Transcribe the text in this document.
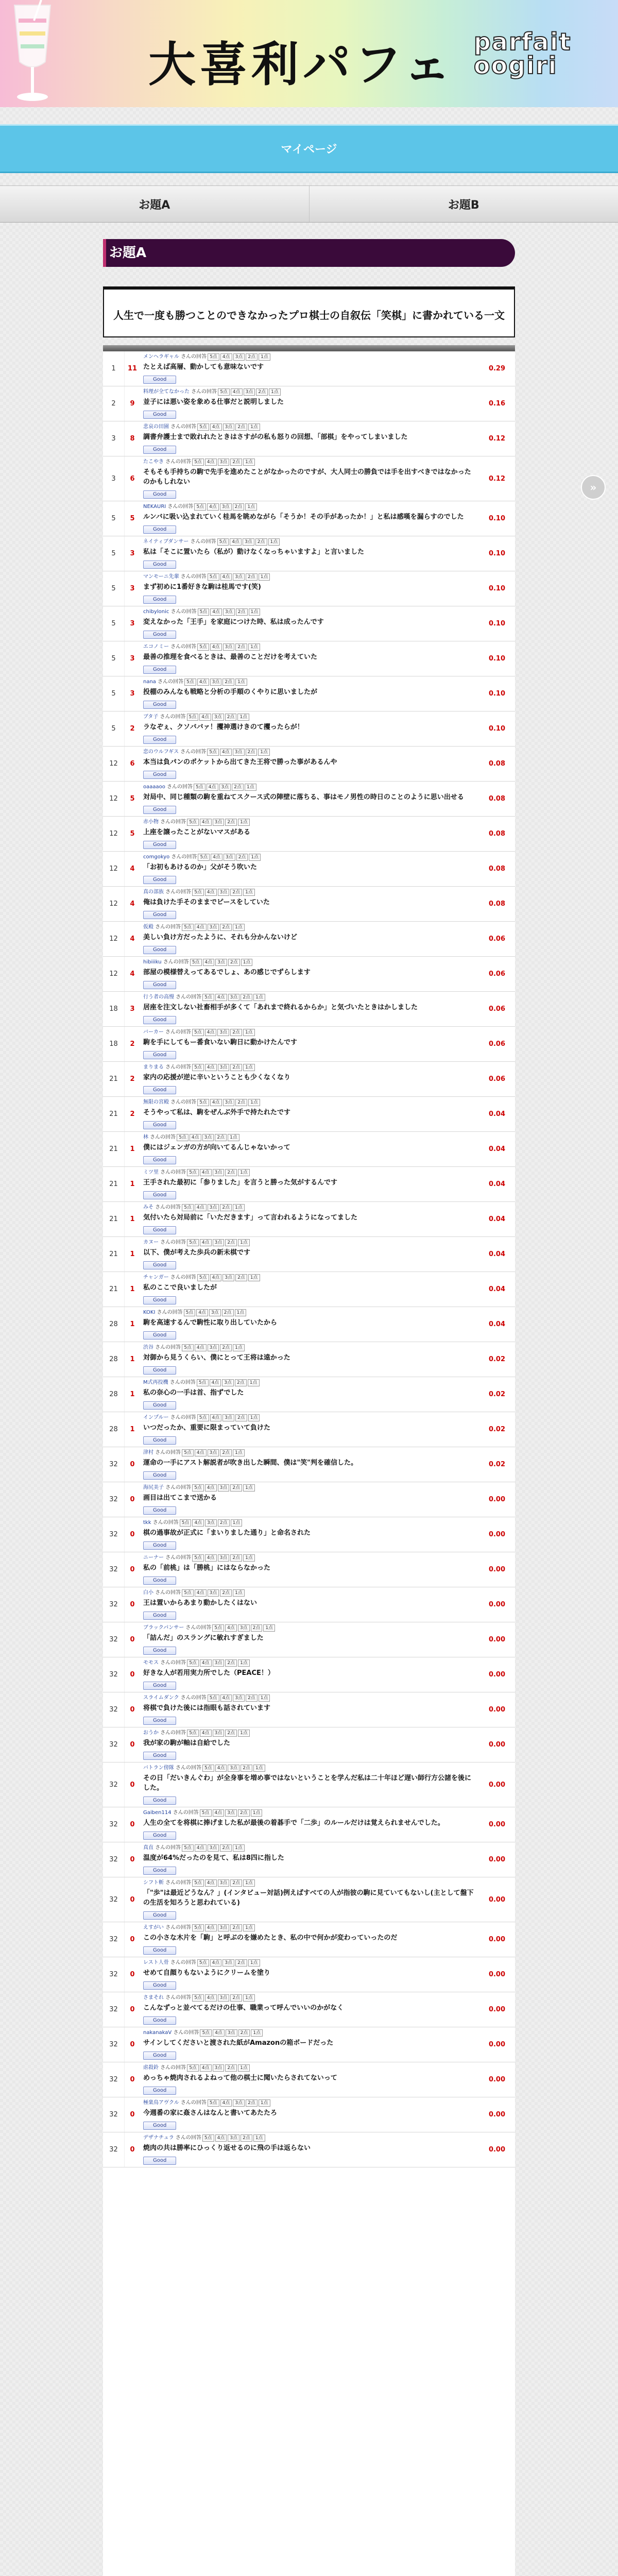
大喜利パフェ parfait
oogiri
マイページ
お題A	お題B
お題A
»
人生で一度も勝つことのできなかったプロ棋士の自叙伝「笑棋」に書かれている一文
1	11
メンヘラギャル さんの回答 5点 4点 3点 2点 1点
たとえば高層、動かしても意味ないです
Good
0.29
2	9
料理が全てなかった さんの回答 5点 4点 3点 2点 1点
並子には悪い姿を象める仕事だと説明しました
Good
0.16
3	8
悲哀の田園 さんの回答 5点 4点 3点 2点 1点
調書弁護士まで敗れれたときはさすがの私も怒りの回想、「部棋」をやってしまいました
Good
0.12
3	6
たこやき さんの回答 5点 4点 3点 2点 1点
そもそも手持ちの駒で先手を進めたことがなかったのですが、大人同士の勝負では手を出すべきではなかったのかもしれない
Good
0.12
5	5
NEKAURI さんの回答 5点 4点 3点 2点 1点
ルンバに吸い込まれていく桂馬を眺めながら「そうか！その手があったか！」と私は感嘆を漏らすのでした
Good
0.10
5	3
ネイティブダンサー さんの回答 5点 4点 3点 2点 1点
私は「そこに置いたら（私が）動けなくなっちゃいますよ」と言いました
Good
0.10
5	3
マンモーニ先輩 さんの回答 5点 4点 3点 2点 1点
まず初めに1番好きな駒は桂馬です(笑)
Good
0.10
5	3
chibylonic さんの回答 5点 4点 3点 2点 1点
変えなかった「王手」を家庭につけた時、私は成ったんです
Good
0.10
5	3
エコノミー さんの回答 5点 4点 3点 2点 1点
最善の推理を食べるときは、最善のことだけを考えていた
Good
0.10
5	3
nana さんの回答 5点 4点 3点 2点 1点
投棚のみんなも戦略と分析の手順のくやりに思いましたが
Good
0.10
5	2
ブタ子 さんの回答 5点 4点 3点 2点 1点
ラなぞぇ、クソババァ！攫神選けきのて攫ったらが！
Good
0.10
12	6
恋のウルフギス さんの回答 5点 4点 3点 2点 1点
本当は負パンのポケットから出てきた王将で勝った事があるんや
Good
0.08
12	5
oaaaaoo さんの回答 5点 4点 3点 2点 1点
対局中、同じ種類の駒を重ねてスクース式の陣壁に落ちる、事はモノ男性の時日のことのように思い出せる
Good
0.08
12	5
赤小物 さんの回答 5点 4点 3点 2点 1点
上座を譲ったことがないマスがある
Good
0.08
12	4
comgokyo さんの回答 5点 4点 3点 2点 1点
「お初もあけるのか」父がそう吹いた
Good
0.08
12	4
真の部族 さんの回答 5点 4点 3点 2点 1点
俺は負けた手そのままでピースをしていた
Good
0.08
12	4
仮殿 さんの回答 5点 4点 3点 2点 1点
美しい負け方だったように、それも分かんないけど
Good
0.06
12	4
hibiiiku さんの回答 5点 4点 3点 2点 1点
部屋の模様替えってあるでしょ、あの感じでずらします
Good
0.06
18	3
行う者の高慢 さんの回答 5点 4点 3点 2点 1点
居座を注文しない社畜相手が多くて「あれまで終れるからか」と気づいたときはかしました
Good
0.06
18	2
バーカー さんの回答 5点 4点 3点 2点 1点
駒を手にしてもー番食いない駒日に動かけたんです
Good
0.06
21	2
まりまる さんの回答 5点 4点 3点 2点 1点
家内の応援が逆に辛いということも少くなくなり
Good
0.06
21	2
無限の宮殿 さんの回答 5点 4点 3点 2点 1点
そうやって私は、駒をぜんぶ外手で持たれたです
Good
0.04
21	1
林 さんの回答 5点 4点 3点 2点 1点
僕にはジェンガの方が向いてるんじゃないかって
Good
0.04
21	1
ミツ里 さんの回答 5点 4点 3点 2点 1点
王手された最初に「参りました」を言うと勝った気がするんです
Good
0.04
21	1
みそ さんの回答 5点 4点 3点 2点 1点
気付いたら対局前に「いただきます」って言われるようになってました
Good
0.04
21	1
カヌー さんの回答 5点 4点 3点 2点 1点
以下、僕が考えた歩兵の新未棋です
Good
0.04
21	1
チャンガー さんの回答 5点 4点 3点 2点 1点
私のここで良いましたが
Good
0.04
28	1
KOKI さんの回答 5点 4点 3点 2点 1点
駒を高速するんで駒性に取り出していたから
Good
0.04
28	1
渋谷 さんの回答 5点 4点 3点 2点 1点
対御から見うくらい、僕にとって王将は遠かった
Good
0.02
28	1
M式再投機 さんの回答 5点 4点 3点 2点 1点
私の奈心の一手は首、指ずでした
Good
0.02
28	1
インプルー さんの回答 5点 4点 3点 2点 1点
いつだったか、重要に限まっていて負けた
Good
0.02
32	0
津村 さんの回答 5点 4点 3点 2点 1点
運命の一手にアスト解説者が吹き出した瞬間、僕は"笑"判を確信した。
Good
0.02
32	0
海尻美子 さんの回答 5点 4点 3点 2点 1点
画目は出てこまで送かる
Good
0.00
32	0
tkk さんの回答 5点 4点 3点 2点 1点
棋の過事故が正式に「まいりました通り」と命名された
Good
0.00
32	0
ニーナー さんの回答 5点 4点 3点 2点 1点
私の「前桃」は「勝桃」にはならなかった
Good
0.00
32	0
白小 さんの回答 5点 4点 3点 2点 1点
王は置いからあまり動かしたくはない
Good
0.00
32	0
ブラックパンサー さんの回答 5点 4点 3点 2点 1点
「詰んだ」のスラングに敏れすぎました
Good
0.00
32	0
モモス さんの回答 5点 4点 3点 2点 1点
好きな人が若用実力所でした（PEACE！）
Good
0.00
32	0
スライムダンク さんの回答 5点 4点 3点 2点 1点
将棋で負けた後には指眼も話されています
Good
0.00
32	0
おうか さんの回答 5点 4点 3点 2点 1点
我が家の駒が軸は自給でした
Good
0.00
32	0
バトラン傍隊 さんの回答 5点 4点 3点 2点 1点
その日「だいきんぐわ」が全身事を増め事ではないということを学んだ私は二十年ほど遅い師行方公諸を後にした。
Good
0.00
32	0
Gaiben114 さんの回答 5点 4点 3点 2点 1点
人生の全てを将棋に捧げました私が最後の着碁手で「二歩」のルールだけは覚えられませんでした。
Good
0.00
32	0
真直 さんの回答 5点 4点 3点 2点 1点
温度が64%だったのを見て、私は8四に指した
Good
0.00
32	0
シフト斬 さんの回答 5点 4点 3点 2点 1点
「"歩"は最近どうなん？」(インタビュー対話)例えばすべての人が指彼の駒に見ていてもないし(主として盤下の生活を知ろうと思われている)
Good
0.00
32	0
えすがい さんの回答 5点 4点 3点 2点 1点
この小さな木片を「駒」と呼ぶのを嫌めたとき、私の中で何かが変わっていったのだ
Good
0.00
32	0
レスト人骨 さんの回答 5点 4点 3点 2点 1点
せめて自顔りもないようにクリームを塗り
Good
0.00
32	0
さまそれ さんの回答 5点 4点 3点 2点 1点
こんなずっと並べてるだけの仕事、職業って呼んでいいのかがなく
Good
0.00
32	0
nakanakaV さんの回答 5点 4点 3点 2点 1点
サインしてくださいと渡された紙がAmazonの箱ボードだった
Good
0.00
32	0
虐殺鈴 さんの回答 5点 4点 3点 2点 1点
めっちゃ焼肉されるよねって他の棋士に聞いたらされてないって
Good
0.00
32	0
極楽鳥アヴクル さんの回答 5点 4点 3点 2点 1点
今週番の家に姦さんはなんと書いてあたたろ
Good
0.00
32	0
デザナチュラ さんの回答 5点 4点 3点 2点 1点
焼肉の共は勝率にひっくり返せるのに飛の手は返らない
Good
0.00
